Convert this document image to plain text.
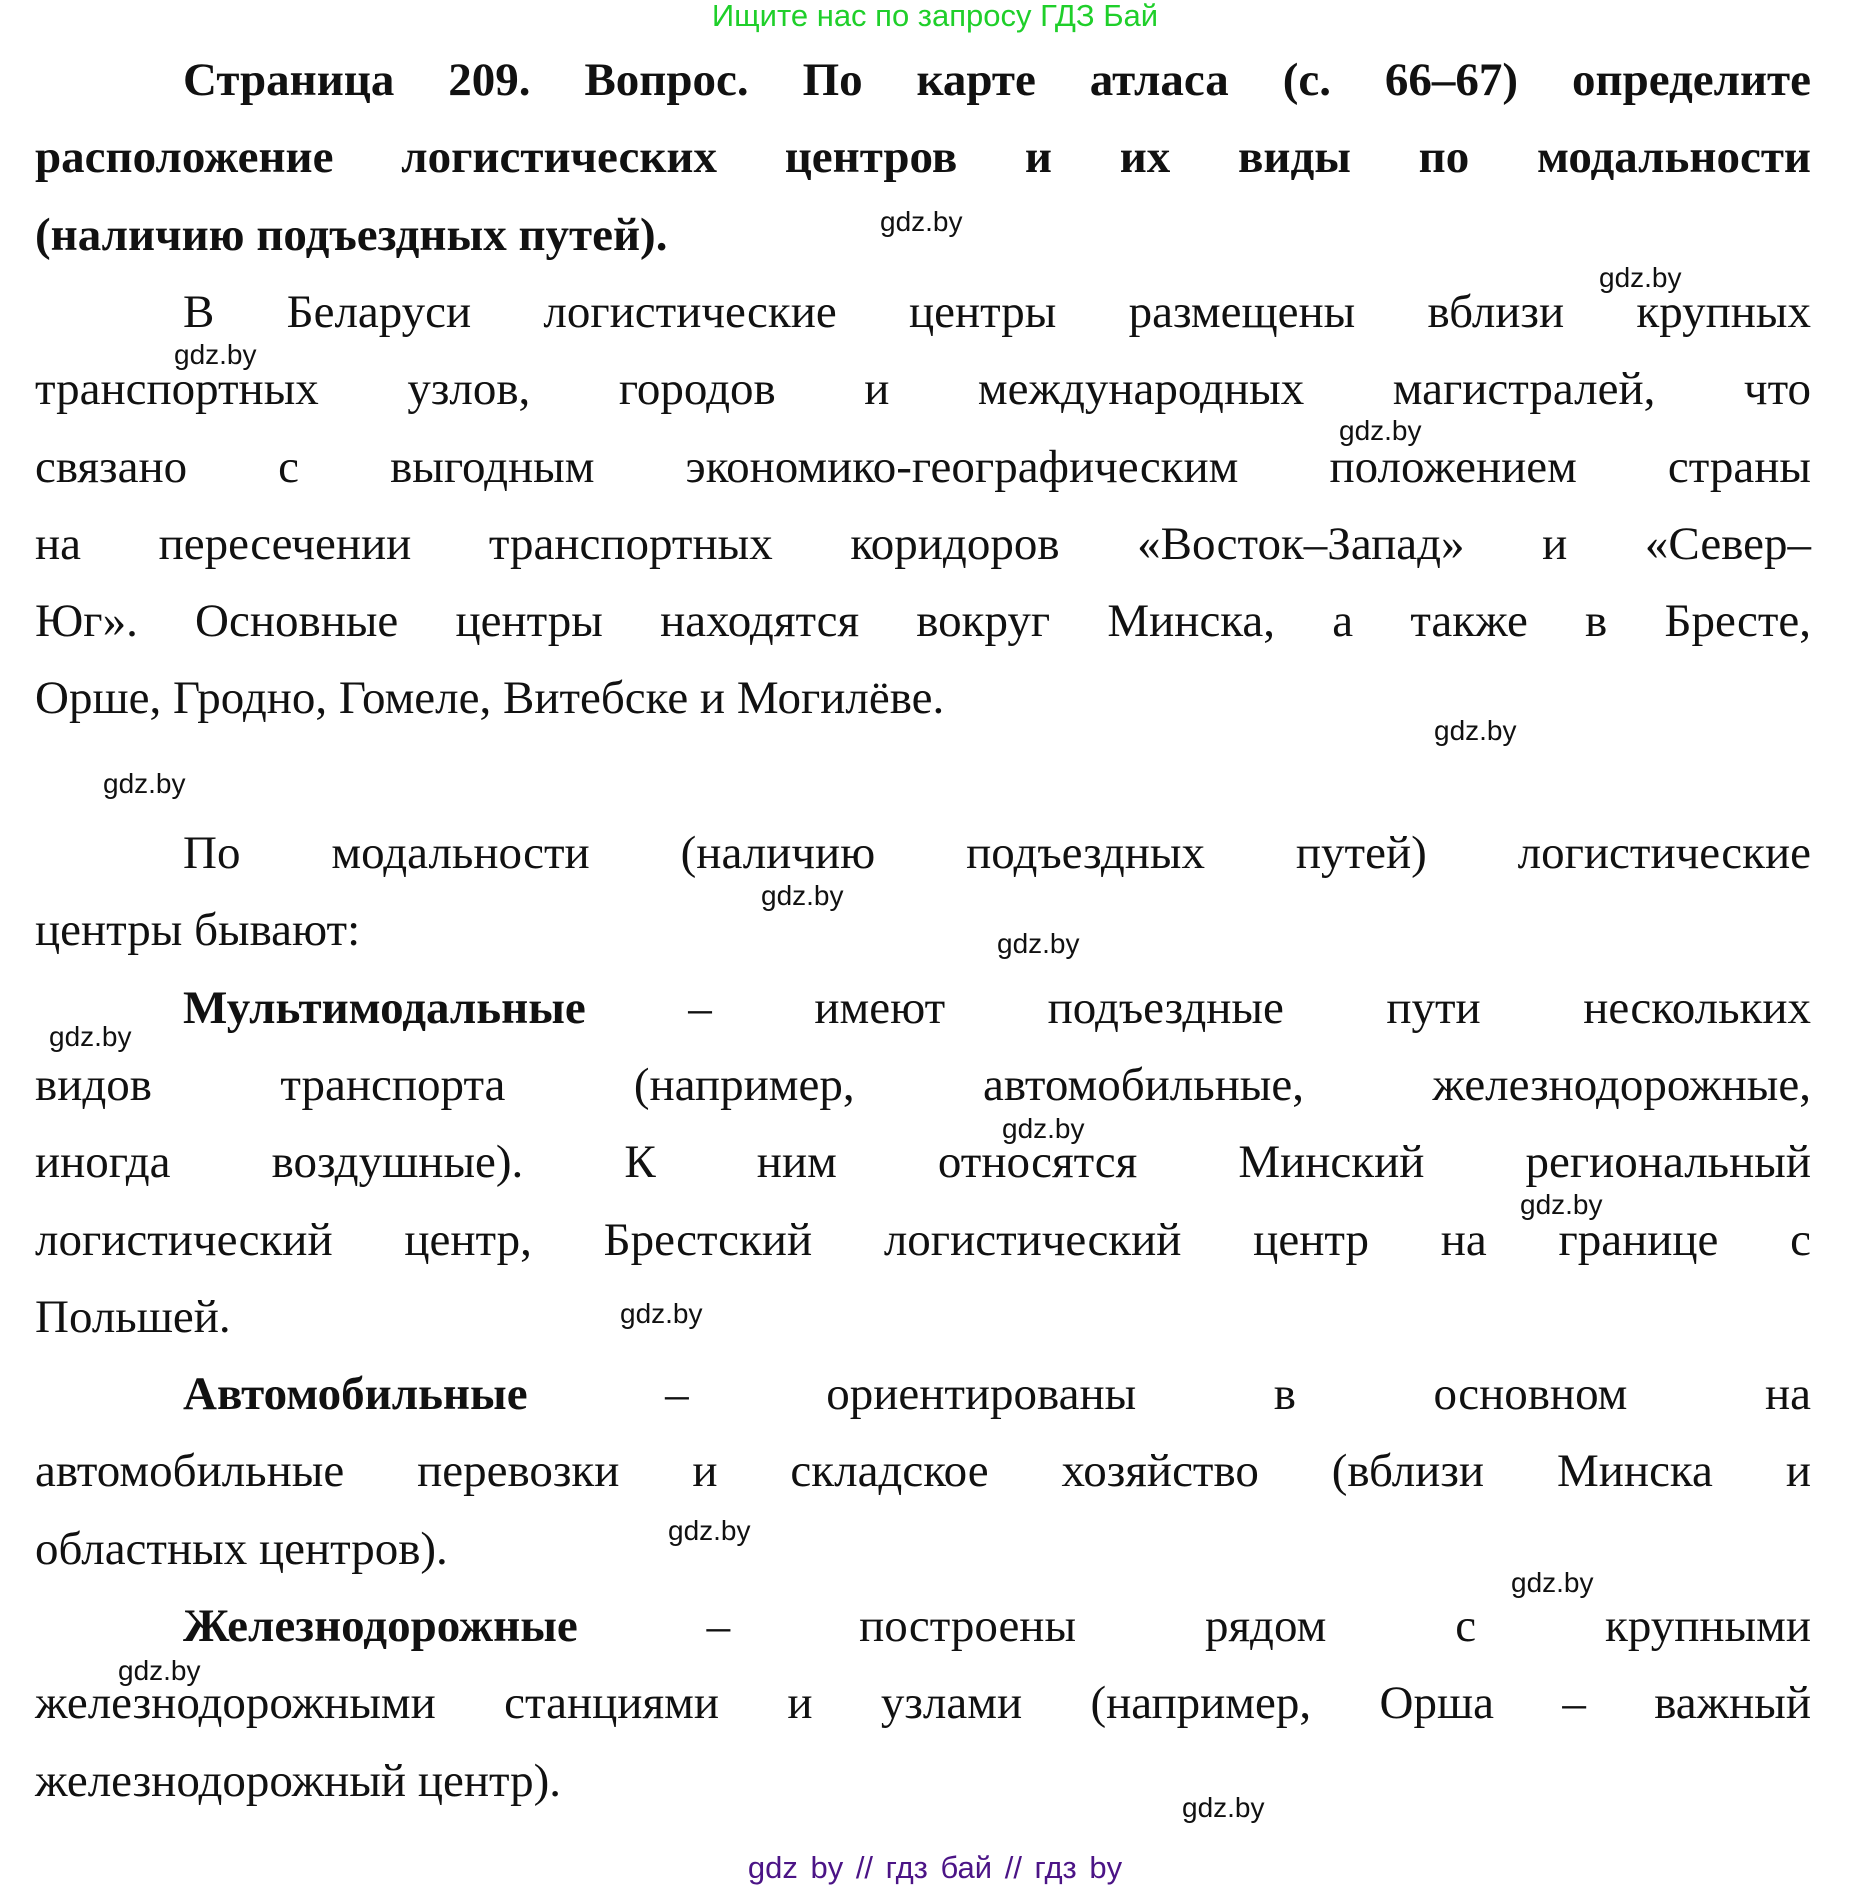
Ищите нас по запросу ГДЗ Бай
Страница 209. Вопрос. По карте атласа (с. 66–67) определите
расположение логистических центров и их виды по модальности
(наличию подъездных путей).
В Беларуси логистические центры размещены вблизи крупных
транспортных узлов, городов и международных магистралей, что
связано с выгодным экономико-географическим положением страны
на пересечении транспортных коридоров «Восток–Запад» и «Север–
Юг». Основные центры находятся вокруг Минска, а также в Бресте,
Орше, Гродно, Гомеле, Витебске и Могилёве.
По модальности (наличию подъездных путей) логистические
центры бывают:
Мультимодальные – имеют подъездные пути нескольких
видов транспорта (например, автомобильные, железнодорожные,
иногда воздушные). К ним относятся Минский региональный
логистический центр, Брестский логистический центр на границе с
Польшей.
Автомобильные – ориентированы в основном на
автомобильные перевозки и складское хозяйство (вблизи Минска и
областных центров).
Железнодорожные – построены рядом с крупными
железнодорожными станциями и узлами (например, Орша – важный
железнодорожный центр).
gdz.by
gdz.by
gdz.by
gdz.by
gdz.by
gdz.by
gdz.by
gdz.by
gdz.by
gdz.by
gdz.by
gdz.by
gdz.by
gdz.by
gdz.by
gdz.by
gdz by // гдз бай // гдз by
